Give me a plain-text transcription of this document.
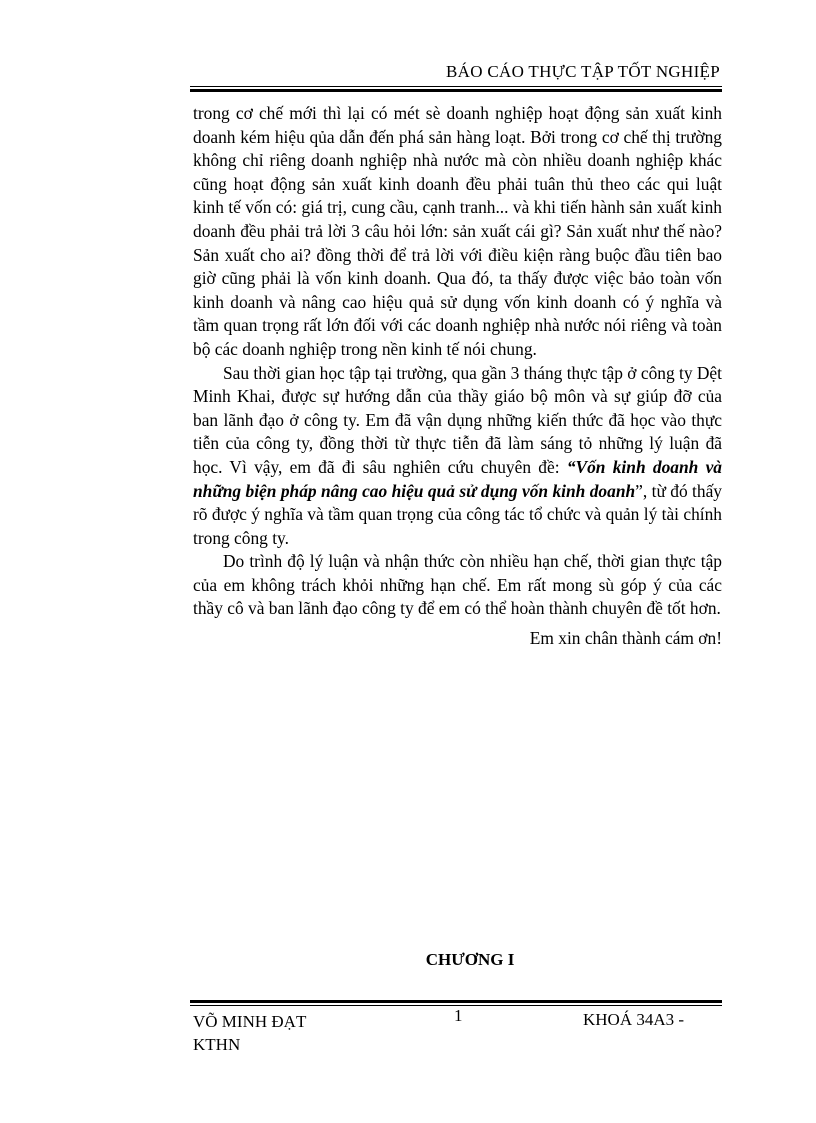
BÁO CÁO THỰC TẬP TỐT NGHIỆP

trong cơ chế mới thì lại có mét sè doanh nghiệp hoạt động sản xuất kinh doanh kém hiệu qủa dẫn đến phá sản hàng loạt. Bởi trong cơ chế thị trường không chỉ riêng doanh nghiệp nhà nước mà còn nhiều doanh nghiệp khác cũng hoạt động sản xuất kinh doanh đều phải tuân thủ theo các qui luật kinh tế vốn có: giá trị, cung cầu, cạnh tranh... và khi tiến hành sản xuất kinh doanh đều phải trả lời 3 câu hỏi lớn: sản xuất cái gì? Sản xuất như thế nào? Sản xuất cho ai? đồng thời để trả lời với điều kiện ràng buộc đầu tiên bao giờ cũng phải là vốn kinh doanh. Qua đó, ta thấy được việc bảo toàn vốn kinh doanh và nâng cao hiệu quả sử dụng vốn kinh doanh có ý nghĩa và tầm quan trọng rất lớn đối với các doanh nghiệp nhà nước nói riêng và toàn bộ các doanh nghiệp trong nền kinh tế nói chung.

Sau thời gian học tập tại trường, qua gần 3 tháng thực tập ở công ty Dệt Minh Khai, được sự hướng dẫn của thầy giáo bộ môn và sự giúp đỡ của ban lãnh đạo ở công ty. Em đã vận dụng những kiến thức đã học vào thực tiễn của công ty, đồng thời từ thực tiễn đã làm sáng tỏ những lý luận đã học. Vì vậy, em đã đi sâu nghiên cứu chuyên đề: “Vốn kinh doanh và những biện pháp nâng cao hiệu quả sử dụng vốn kinh doanh”, từ đó thấy rõ được ý nghĩa và tầm quan trọng của công tác tổ chức và quản lý tài chính trong công ty.

Do trình độ lý luận và nhận thức còn nhiều hạn chế, thời gian thực tập của em không trách khỏi những hạn chế. Em rất mong sù góp ý của các thầy cô và ban lãnh đạo công ty để em có thể hoàn thành chuyên đề tốt hơn.

Em xin chân thành cám ơn!

CHƯƠNG I
VÕ MINH ĐẠT KTHN
1	KHOÁ 34A3 -
